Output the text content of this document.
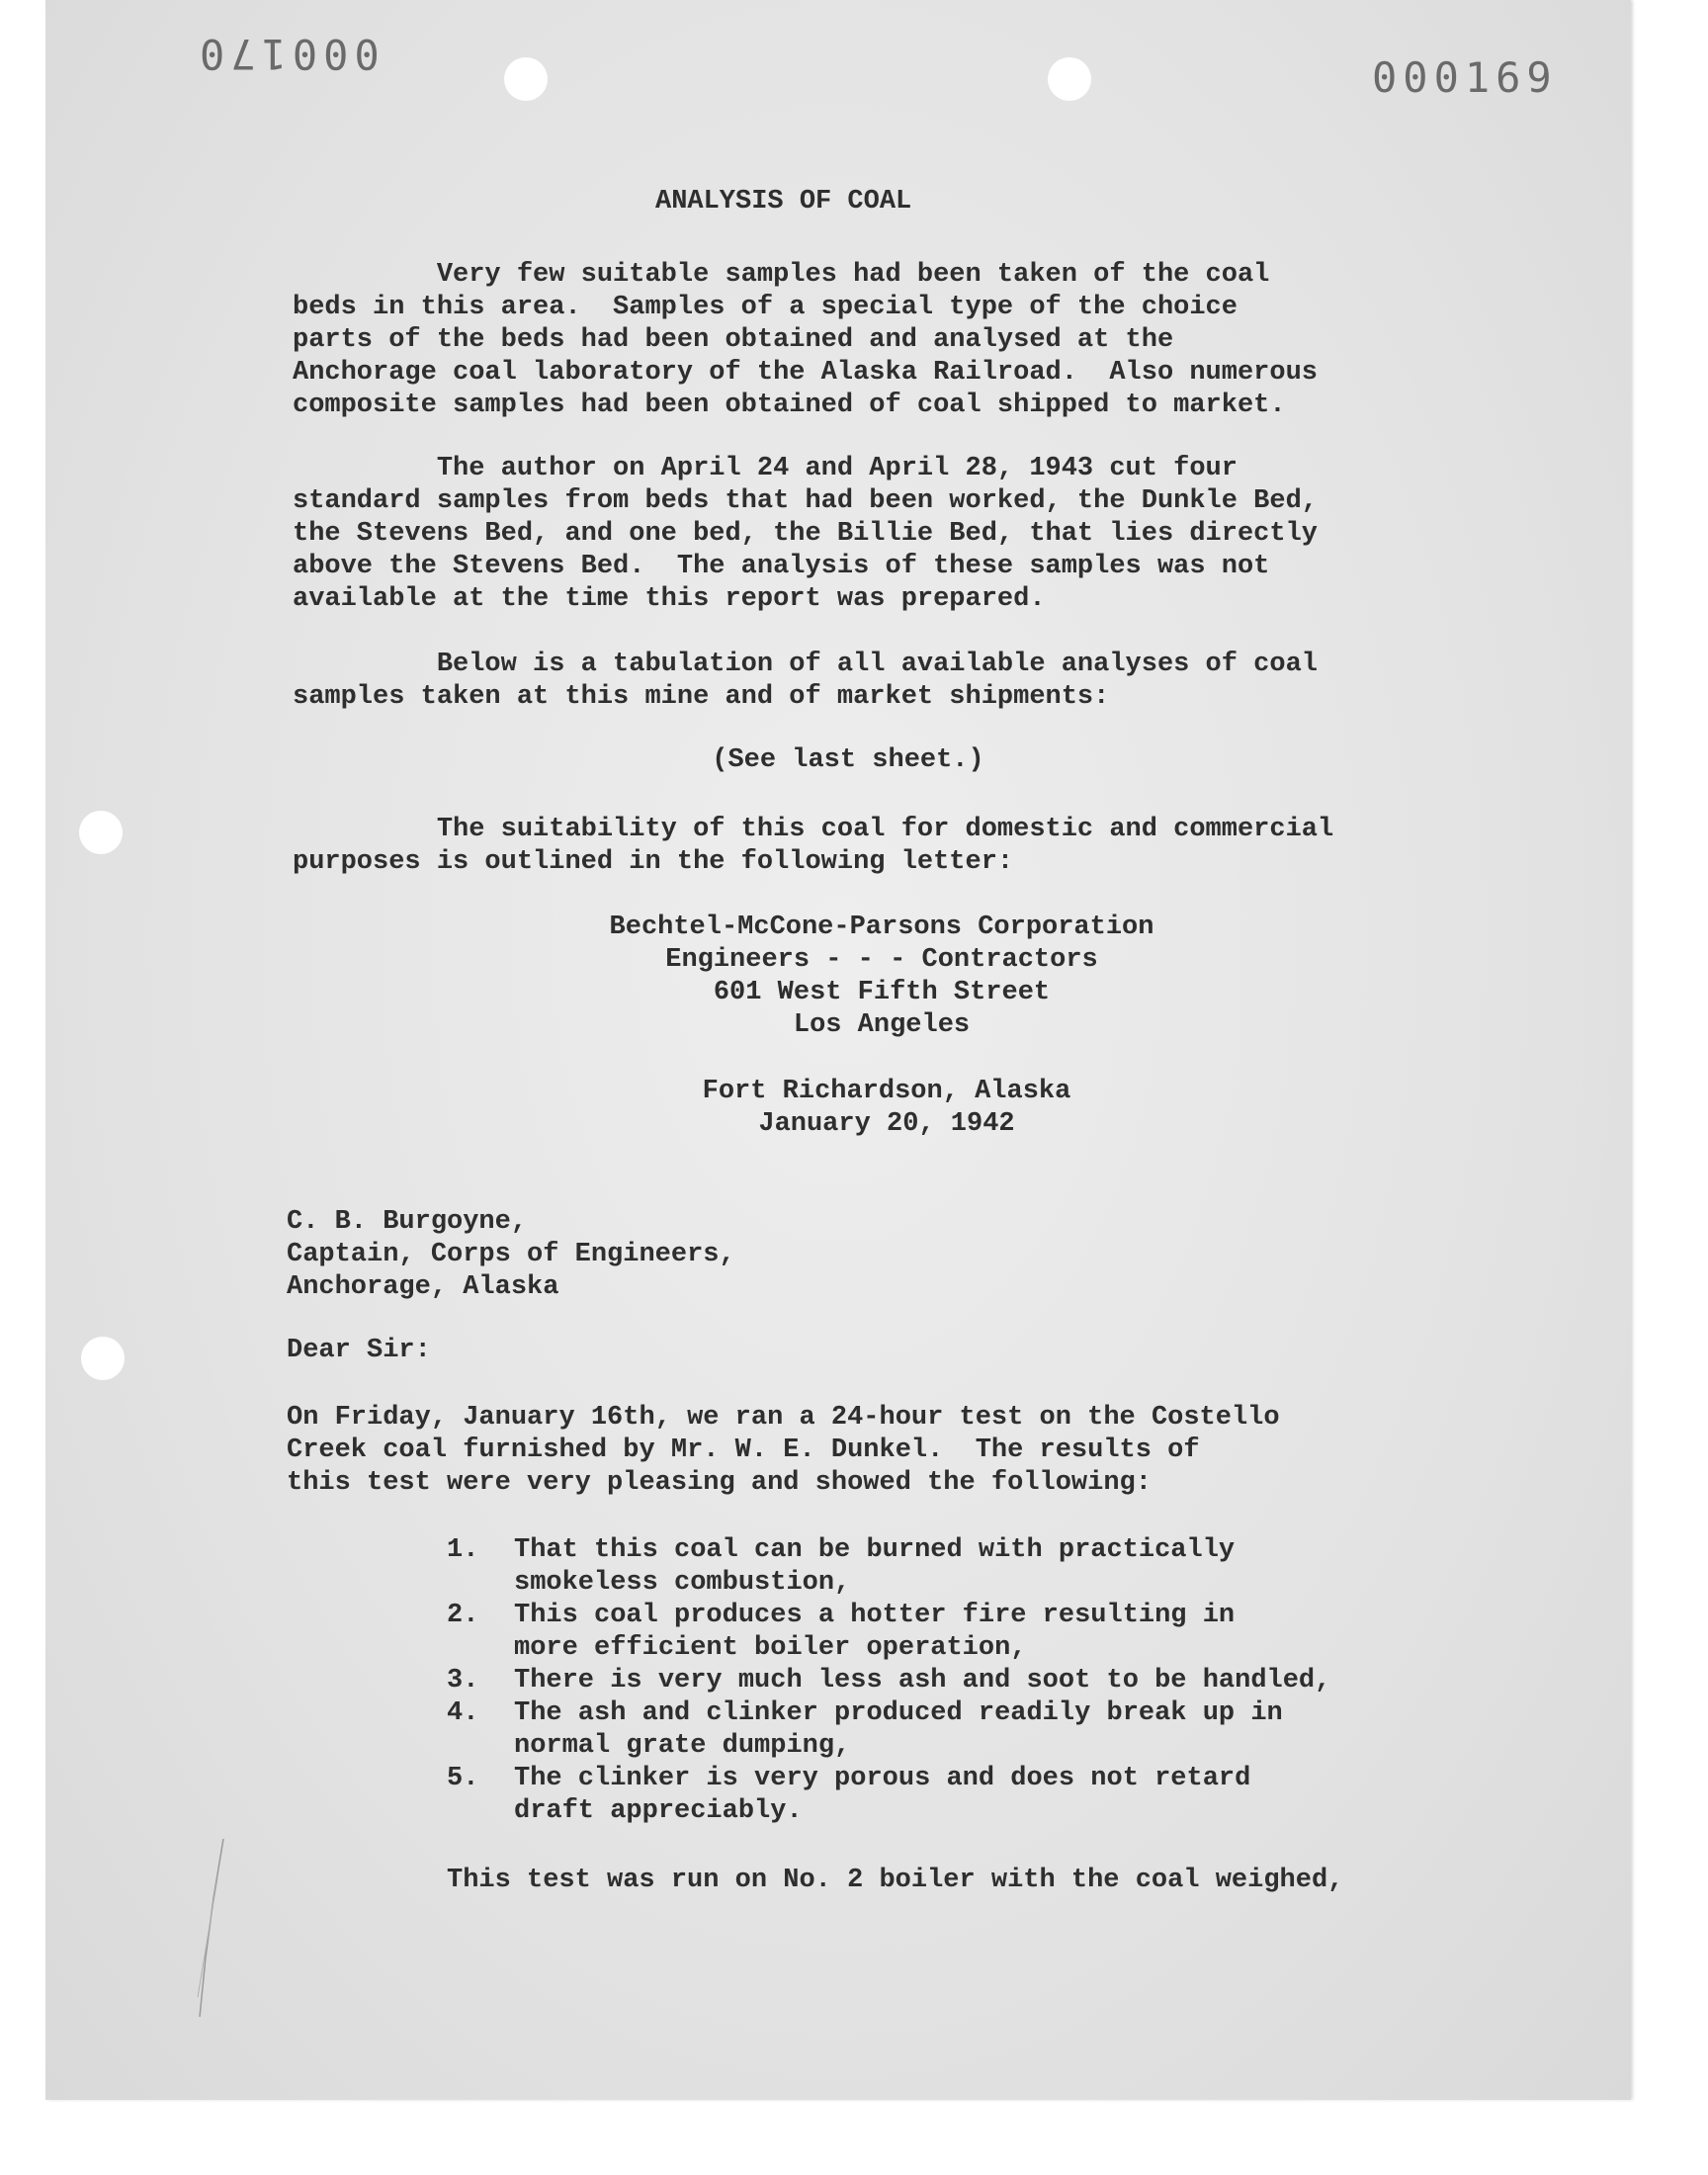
000170	000169
ANALYSIS OF COAL
Very few suitable samples had been taken of the coal
beds in this area.  Samples of a special type of the choice
parts of the beds had been obtained and analysed at the
Anchorage coal laboratory of the Alaska Railroad.  Also numerous
composite samples had been obtained of coal shipped to market.
The author on April 24 and April 28, 1943 cut four
standard samples from beds that had been worked, the Dunkle Bed,
the Stevens Bed, and one bed, the Billie Bed, that lies directly
above the Stevens Bed.  The analysis of these samples was not
available at the time this report was prepared.
Below is a tabulation of all available analyses of coal
samples taken at this mine and of market shipments:
(See last sheet.)
The suitability of this coal for domestic and commercial
purposes is outlined in the following letter:
Bechtel-McCone-Parsons Corporation
Engineers - - - Contractors
601 West Fifth Street
Los Angeles
Fort Richardson, Alaska
January 20, 1942
C. B. Burgoyne,
Captain, Corps of Engineers,
Anchorage, Alaska
Dear Sir:
On Friday, January 16th, we ran a 24-hour test on the Costello
Creek coal furnished by Mr. W. E. Dunkel.  The results of
this test were very pleasing and showed the following:
1. That this coal can be burned with practically
smokeless combustion,
2. This coal produces a hotter fire resulting in
more efficient boiler operation,
3. There is very much less ash and soot to be handled,
4. The ash and clinker produced readily break up in
normal grate dumping,
5. The clinker is very porous and does not retard
draft appreciably.
This test was run on No. 2 boiler with the coal weighed,
